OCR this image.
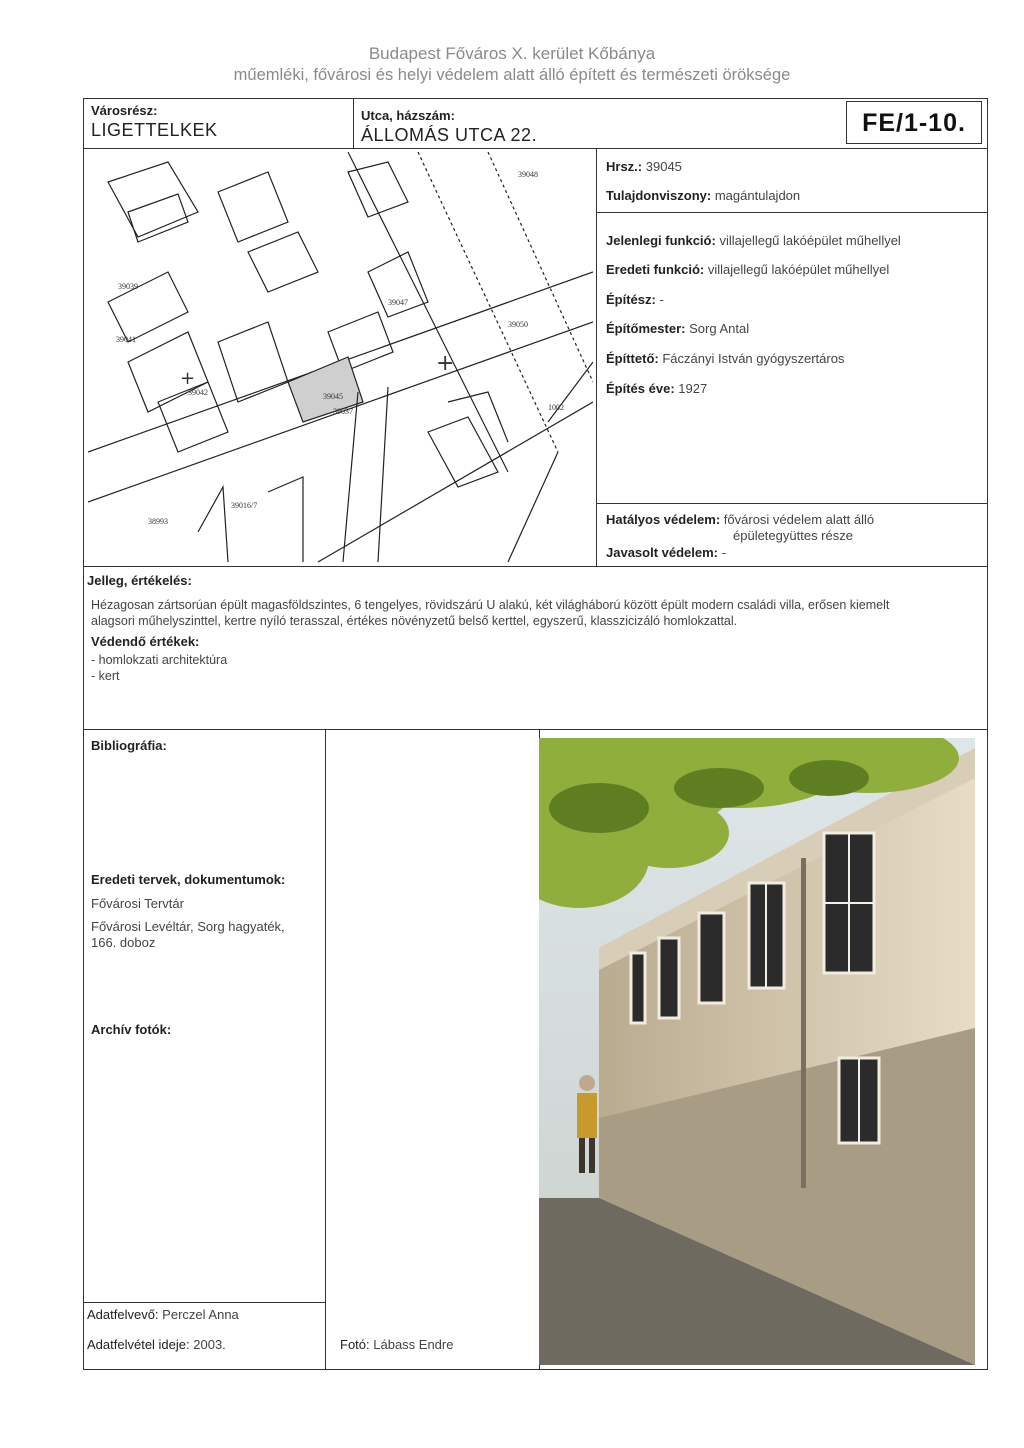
Budapest Főváros X. kerület Kőbánya
műemléki, fővárosi és helyi védelem alatt álló épített és természeti öröksége
Városrész:
LIGETTELKEK
Utca, házszám:
ÁLLOMÁS UTCA 22.	FE/1-10.
39039
39047
39045
39041
39042
39037
39016/7
38993
39050
39048
1002
+
+
Hrsz.: 39045
Tulajdonviszony: magántulajdon
Jelenlegi funkció: villajellegű lakóépület műhellyel
Eredeti funkció: villajellegű lakóépület műhellyel
Építész: -
Építőmester: Sorg Antal
Építtető: Fáczányi István gyógyszertáros
Építés éve: 1927
Hatályos védelem: fővárosi védelem alatt álló
épületegyüttes része
Javasolt védelem: -
Jelleg, értékelés:
Hézagosan zártsorúan épült magasföldszintes, 6 tengelyes, rövidszárú U alakú, két világháború között épült modern családi villa, erősen kiemelt
alagsori műhelyszinttel, kertre nyíló terasszal, értékes növényzetű belső kerttel, egyszerű, klasszicizáló homlokzattal.
Védendő értékek:
- homlokzati architektúra
- kert
Bibliográfia:
Eredeti tervek, dokumentumok:
Fővárosi Tervtár
Fővárosi Levéltár, Sorg hagyaték,
166. doboz
Archív fotók:
Adatfelvevő: Perczel Anna
Adatfelvétel ideje: 2003.	Fotó: Lábass Endre
